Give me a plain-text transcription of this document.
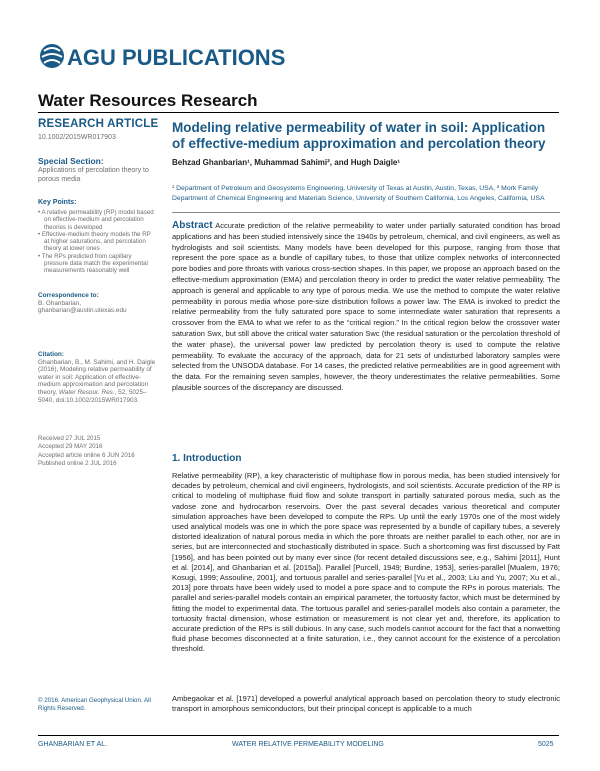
AGU PUBLICATIONS
Water Resources Research
RESEARCH ARTICLE
10.1002/2015WR017903
Special Section:
Applications of percolation theory to porous media
Key Points:
• A relative permeability (RP) model based on effective-medium and percolation theories is developed
• Effective-medium theory models the RP at higher saturations, and percolation theory at lower ones
• The RPs predicted from capillary pressure data match the experimental measurements reasonably well
Correspondence to:
B. Ghanbarian,
ghanbarian@austin.utexas.edu
Citation:
Ghanbarian, B., M. Sahimi, and H. Daigle (2016), Modeling relative permeability of water in soil: Application of effective-medium approximation and percolation theory, Water Resour. Res., 52, 5025–5040, doi:10.1002/2015WR017903.
Received 27 JUL 2015
Accepted 29 MAY 2016
Accepted article online 6 JUN 2016
Published online 2 JUL 2016
© 2016. American Geophysical Union. All Rights Reserved.
Modeling relative permeability of water in soil: Application of effective-medium approximation and percolation theory
Behzad Ghanbarian¹, Muhammad Sahimi², and Hugh Daigle¹
¹ Department of Petroleum and Geosystems Engineering, University of Texas at Austin, Austin, Texas, USA, ² Mork Family Department of Chemical Engineering and Materials Science, University of Southern California, Los Angeles, California, USA
Abstract Accurate prediction of the relative permeability to water under partially saturated condition has broad applications and has been studied intensively since the 1940s by petroleum, chemical, and civil engineers, as well as hydrologists and soil scientists. Many models have been developed for this purpose, ranging from those that represent the pore space as a bundle of capillary tubes, to those that utilize complex networks of interconnected pore bodies and pore throats with various cross-section shapes. In this paper, we propose an approach based on the effective-medium approximation (EMA) and percolation theory in order to predict the water relative permeability. The approach is general and applicable to any type of porous media. We use the method to compute the water relative permeability in porous media whose pore-size distribution follows a power law. The EMA is invoked to predict the relative permeability from the fully saturated pore space to some intermediate water saturation that represents a crossover from the EMA to what we refer to as the “critical region.” In the critical region below the crossover water saturation Swx, but still above the critical water saturation Swc (the residual saturation or the percolation threshold of the water phase), the universal power law predicted by percolation theory is used to compute the relative permeability. To evaluate the accuracy of the approach, data for 21 sets of undisturbed laboratory samples were selected from the UNSODA database. For 14 cases, the predicted relative permeabilities are in good agreement with the data. For the remaining seven samples, however, the theory underestimates the relative permeabilities. Some plausible sources of the discrepancy are discussed.
1. Introduction
Relative permeability (RP), a key characteristic of multiphase flow in porous media, has been studied intensively for decades by petroleum, chemical and civil engineers, hydrologists, and soil scientists. Accurate prediction of the RP is critical to modeling of multiphase fluid flow and solute transport in partially saturated porous media, such as the vadose zone and hydrocarbon reservoirs. Over the past several decades various theoretical and computer simulation approaches have been developed to compute the RPs. Up until the early 1970s one of the most widely used analytical models was one in which the pore space was represented by a bundle of capillary tubes, a severely distorted idealization of natural porous media in which the pore throats are neither parallel to each other, nor are in series, but are interconnected and stochastically distributed in space. Such a shortcoming was first discussed by Fatt [1956], and has been pointed out by many ever since (for recent detailed discussions see, e.g., Sahimi [2011], Hunt et al. [2014], and Ghanbarian et al. [2015a]). Parallel [Purcell, 1949; Burdine, 1953], series-parallel [Mualem, 1976; Kosugi, 1999; Assouline, 2001], and tortuous parallel and series-parallel [Yu et al., 2003; Liu and Yu, 2007; Xu et al., 2013] pore throats have been widely used to model a pore space and to compute the RPs in porous materials. The parallel and series-parallel models contain an empirical parameter, the tortuosity factor, which must be determined by fitting the model to experimental data. The tortuous parallel and series-parallel models also contain a parameter, the tortuosity fractal dimension, whose estimation or measurement is not clear yet and, therefore, its application to accurate prediction of the RPs is still dubious. In any case, such models cannot account for the fact that a nonwetting fluid phase becomes disconnected at a finite saturation, i.e., they cannot account for the existence of a percolation threshold.
Ambegaokar et al. [1971] developed a powerful analytical approach based on percolation theory to study electronic transport in amorphous semiconductors, but their principal concept is applicable to a much
GHANBARIAN ET AL.	WATER RELATIVE PERMEABILITY MODELING	5025
